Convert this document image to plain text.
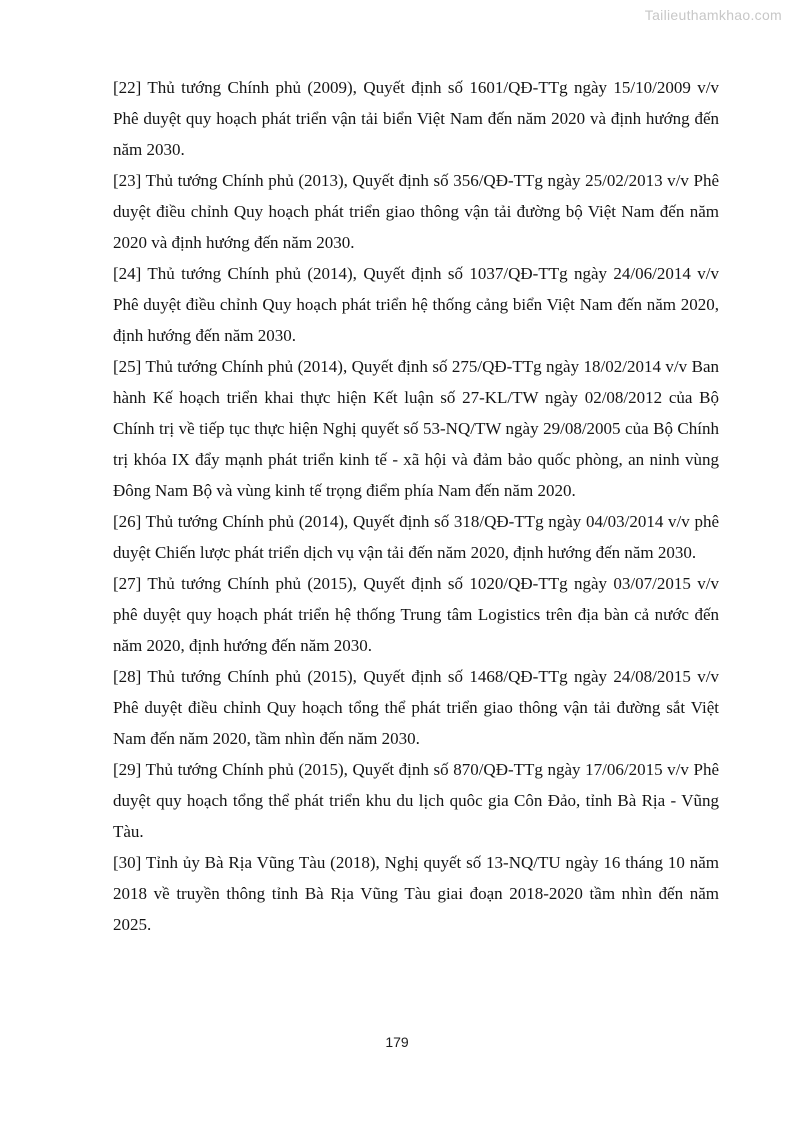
Tailieuthamkhao.com

[22] Thủ tướng Chính phủ (2009), Quyết định số 1601/QĐ-TTg ngày 15/10/2009 v/v Phê duyệt quy hoạch phát triển vận tải biển Việt Nam đến năm 2020 và định hướng đến năm 2030.

[23] Thủ tướng Chính phủ (2013), Quyết định số 356/QĐ-TTg ngày 25/02/2013 v/v Phê duyệt điều chỉnh Quy hoạch phát triển giao thông vận tải đường bộ Việt Nam đến năm 2020 và định hướng đến năm 2030.

[24] Thủ tướng Chính phủ (2014), Quyết định số 1037/QĐ-TTg ngày 24/06/2014 v/v Phê duyệt điều chỉnh Quy hoạch phát triển hệ thống cảng biển Việt Nam đến năm 2020, định hướng đến năm 2030.

[25] Thủ tướng Chính phủ (2014), Quyết định số 275/QĐ-TTg ngày 18/02/2014 v/v Ban hành Kế hoạch triển khai thực hiện Kết luận số 27-KL/TW ngày 02/08/2012 của Bộ Chính trị về tiếp tục thực hiện Nghị quyết số 53-NQ/TW ngày 29/08/2005 của Bộ Chính trị khóa IX đẩy mạnh phát triển kinh tế - xã hội và đảm bảo quốc phòng, an ninh vùng Đông Nam Bộ và vùng kinh tế trọng điểm phía Nam đến năm 2020.

[26] Thủ tướng Chính phủ (2014), Quyết định số 318/QĐ-TTg ngày 04/03/2014 v/v phê duyệt Chiến lược phát triển dịch vụ vận tải đến năm 2020, định hướng đến năm 2030.

[27] Thủ tướng Chính phủ (2015), Quyết định số 1020/QĐ-TTg ngày 03/07/2015 v/v phê duyệt quy hoạch phát triển hệ thống Trung tâm Logistics trên địa bàn cả nước đến năm 2020, định hướng đến năm 2030.

[28] Thủ tướng Chính phủ (2015), Quyết định số 1468/QĐ-TTg ngày 24/08/2015 v/v Phê duyệt điều chỉnh Quy hoạch tổng thể phát triển giao thông vận tải đường sắt Việt Nam đến năm 2020, tầm nhìn đến năm 2030.

[29] Thủ tướng Chính phủ (2015), Quyết định số 870/QĐ-TTg ngày 17/06/2015 v/v Phê duyệt quy hoạch tổng thể phát triển khu du lịch quôc gia Côn Đảo, tỉnh Bà Rịa - Vũng Tàu.

[30] Tỉnh ủy Bà Rịa Vũng Tàu (2018), Nghị quyết số 13-NQ/TU ngày 16 tháng 10 năm 2018 về truyền thông tỉnh Bà Rịa Vũng Tàu giai đoạn 2018-2020 tầm nhìn đến năm 2025.

179
